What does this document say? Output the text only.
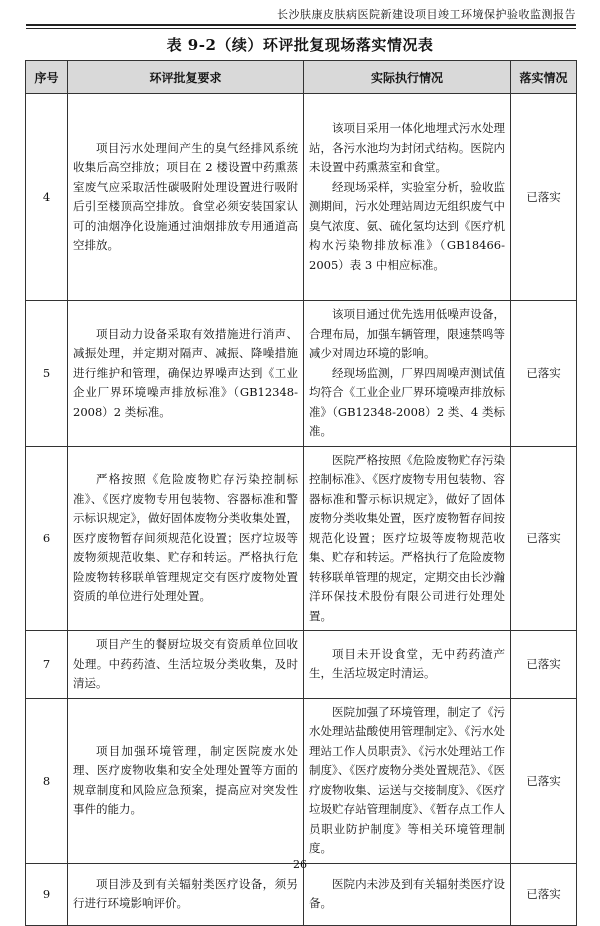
长沙肤康皮肤病医院新建设项目竣工环境保护验收监测报告
表 9-2（续）环评批复现场落实情况表
序号	环评批复要求	实际执行情况	落实情况
4	项目污水处理间产生的臭气经排风系统收集后高空排放；项目在 2 楼设置中药熏蒸室废气应采取活性碳吸附处理设置进行吸附后引至楼顶高空排放。食堂必须安装国家认可的油烟净化设施通过油烟排放专用通道高空排放。	该项目采用一体化地埋式污水处理站，各污水池均为封闭式结构。医院内未设置中药熏蒸室和食堂。

经现场采样，实验室分析，验收监测期间，污水处理站周边无组织废气中臭气浓度、氨、硫化氢均达到《医疗机构水污染物排放标准》（GB18466-2005）表 3 中相应标准。	已落实
5	项目动力设备采取有效措施进行消声、减振处理，并定期对隔声、减振、降噪措施进行维护和管理，确保边界噪声达到《工业企业厂界环境噪声排放标准》（GB12348-2008）2 类标准。	该项目通过优先选用低噪声设备，合理布局，加强车辆管理，限速禁鸣等减少对周边环境的影响。

经现场监测，厂界四周噪声测试值均符合《工业企业厂界环境噪声排放标准》（GB12348-2008）2 类、4 类标准。	已落实
6	严格按照《危险废物贮存污染控制标准》、《医疗废物专用包装物、容器标准和警示标识规定》，做好固体废物分类收集处置，医疗废物暂存间须规范化设置；医疗垃圾等废物须规范收集、贮存和转运。严格执行危险废物转移联单管理规定交有医疗废物处置资质的单位进行处理处置。	医院严格按照《危险废物贮存污染控制标准》、《医疗废物专用包装物、容器标准和警示标识规定》，做好了固体废物分类收集处置，医疗废物暂存间按规范化设置；医疗垃圾等废物规范收集、贮存和转运。严格执行了危险废物转移联单管理的规定，定期交由长沙瀚洋环保技术股份有限公司进行处理处置。	已落实
7	项目产生的餐厨垃圾交有资质单位回收处理。中药药渣、生活垃圾分类收集，及时清运。	项目未开设食堂，无中药药渣产生，生活垃圾定时清运。	已落实
8	项目加强环境管理，制定医院废水处理、医疗废物收集和安全处理处置等方面的规章制度和风险应急预案，提高应对突发性事件的能力。	医院加强了环境管理，制定了《污水处理站盐酸使用管理制定》、《污水处理站工作人员职责》、《污水处理站工作制度》、《医疗废物分类处置规范》、《医疗废物收集、运送与交接制度》、《医疗垃圾贮存站管理制度》、《暂存点工作人员职业防护制度》等相关环境管理制度。	已落实
9	项目涉及到有关辐射类医疗设备，须另行进行环境影响评价。	医院内未涉及到有关辐射类医疗设备。	已落实
26
